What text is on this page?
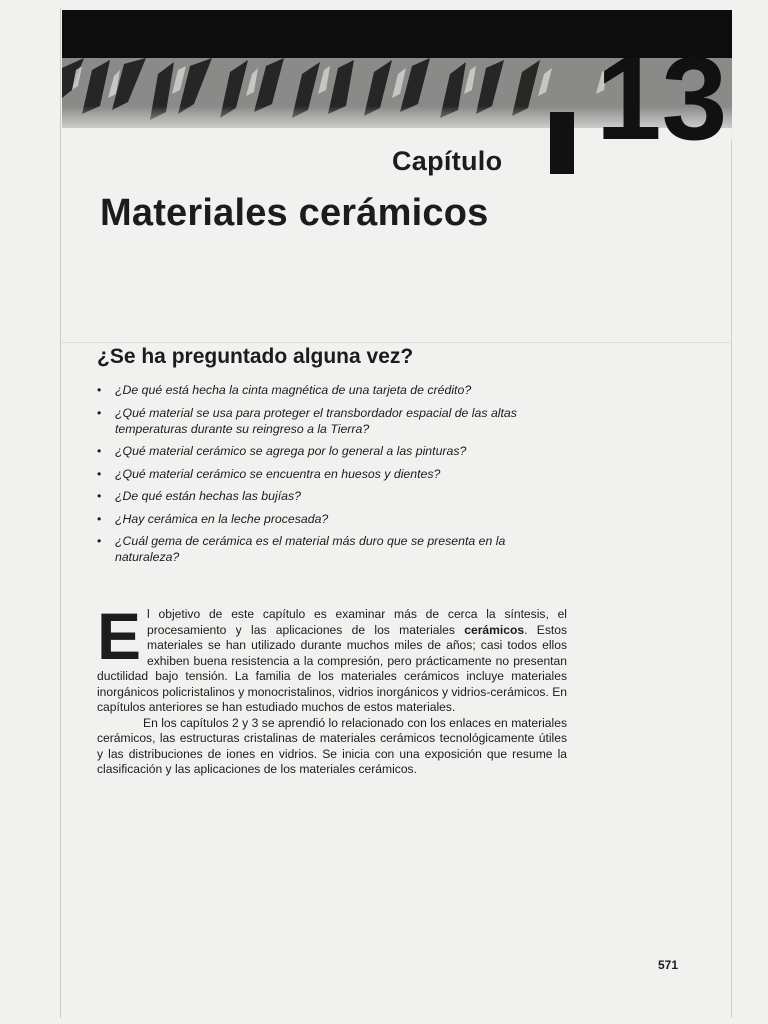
Capítulo 13
Materiales cerámicos
¿Se ha preguntado alguna vez?
• ¿De qué está hecha la cinta magnética de una tarjeta de crédito?
• ¿Qué material se usa para proteger el transbordador espacial de las altas temperaturas durante su reingreso a la Tierra?
• ¿Qué material cerámico se agrega por lo general a las pinturas?
• ¿Qué material cerámico se encuentra en huesos y dientes?
• ¿De qué están hechas las bujías?
• ¿Hay cerámica en la leche procesada?
• ¿Cuál gema de cerámica es el material más duro que se presenta en la naturaleza?

El objetivo de este capítulo es examinar más de cerca la síntesis, el procesamiento y las aplicaciones de los materiales cerámicos. Estos materiales se han utilizado durante muchos miles de años; casi todos ellos exhiben buena resistencia a la compresión, pero prácticamente no presentan ductilidad bajo tensión. La familia de los materiales cerámicos incluye materiales inorgánicos policristalinos y monocristalinos, vidrios inorgánicos y vidrios-cerámicos. En capítulos anteriores se han estudiado muchos de estos materiales.

En los capítulos 2 y 3 se aprendió lo relacionado con los enlaces en materiales cerámicos, las estructuras cristalinas de materiales cerámicos tecnológicamente útiles y las distribuciones de iones en vidrios. Se inicia con una exposición que resume la clasificación y las aplicaciones de los materiales cerámicos.

571
